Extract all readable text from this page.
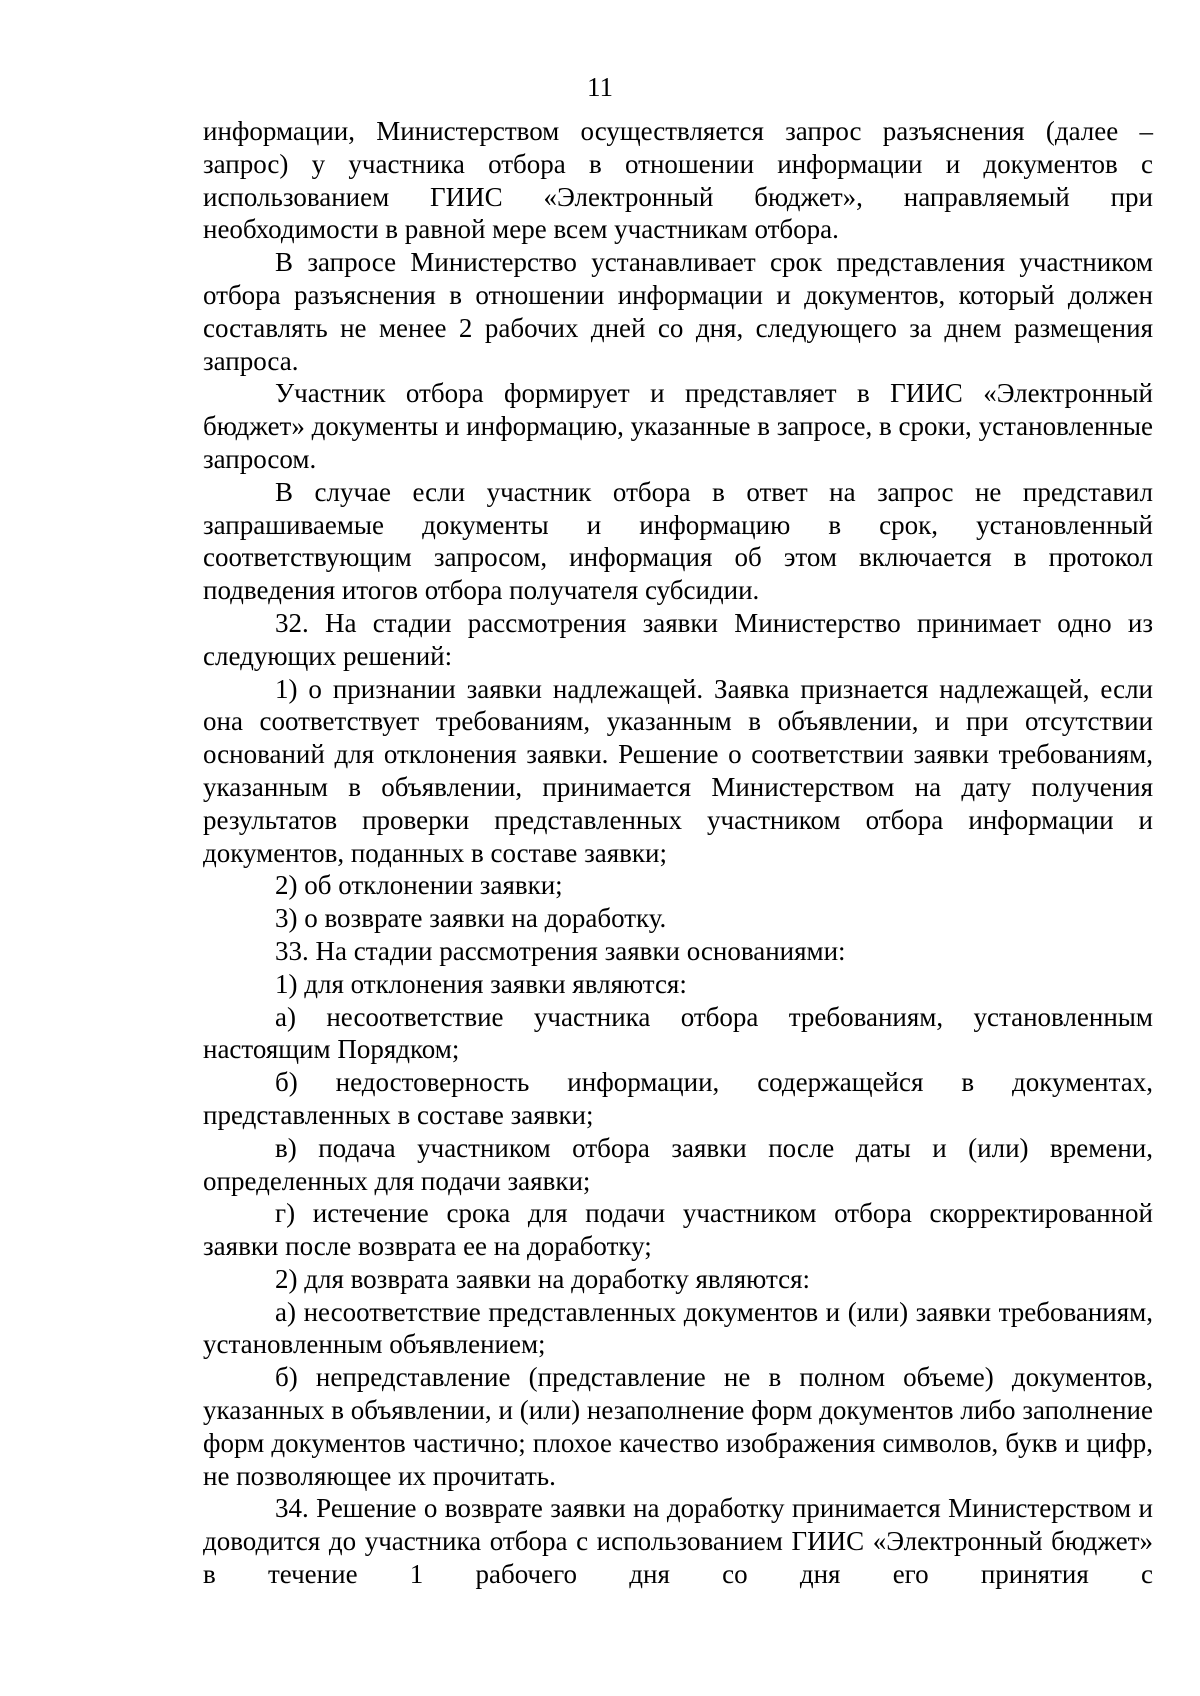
11

информации, Министерством осуществляется запрос разъяснения (далее – запрос) у участника отбора в отношении информации и документов с использованием ГИИС «Электронный бюджет», направляемый при необходимости в равной мере всем участникам отбора.

В запросе Министерство устанавливает срок представления участником отбора разъяснения в отношении информации и документов, который должен составлять не менее 2 рабочих дней со дня, следующего за днем размещения запроса.

Участник отбора формирует и представляет в ГИИС «Электронный бюджет» документы и информацию, указанные в запросе, в сроки, установленные запросом.

В случае если участник отбора в ответ на запрос не представил запрашиваемые документы и информацию в срок, установленный соответствующим запросом, информация об этом включается в протокол подведения итогов отбора получателя субсидии.

32. На стадии рассмотрения заявки Министерство принимает одно из следующих решений:

1) о признании заявки надлежащей. Заявка признается надлежащей, если она соответствует требованиям, указанным в объявлении, и при отсутствии оснований для отклонения заявки. Решение о соответствии заявки требованиям, указанным в объявлении, принимается Министерством на дату получения результатов проверки представленных участником отбора информации и документов, поданных в составе заявки;

2) об отклонении заявки;

3) о возврате заявки на доработку.

33. На стадии рассмотрения заявки основаниями:

1) для отклонения заявки являются:

а) несоответствие участника отбора требованиям, установленным настоящим Порядком;

б) недостоверность информации, содержащейся в документах, представленных в составе заявки;

в) подача участником отбора заявки после даты и (или) времени, определенных для подачи заявки;

г) истечение срока для подачи участником отбора скорректированной заявки после возврата ее на доработку;

2) для возврата заявки на доработку являются:

а) несоответствие представленных документов и (или) заявки требованиям, установленным объявлением;

б) непредставление (представление не в полном объеме) документов, указанных в объявлении, и (или) незаполнение форм документов либо заполнение форм документов частично; плохое качество изображения символов, букв и цифр, не позволяющее их прочитать.

34. Решение о возврате заявки на доработку принимается Министерством и доводится до участника отбора с использованием ГИИС «Электронный бюджет» в течение 1 рабочего дня со дня его принятия с
